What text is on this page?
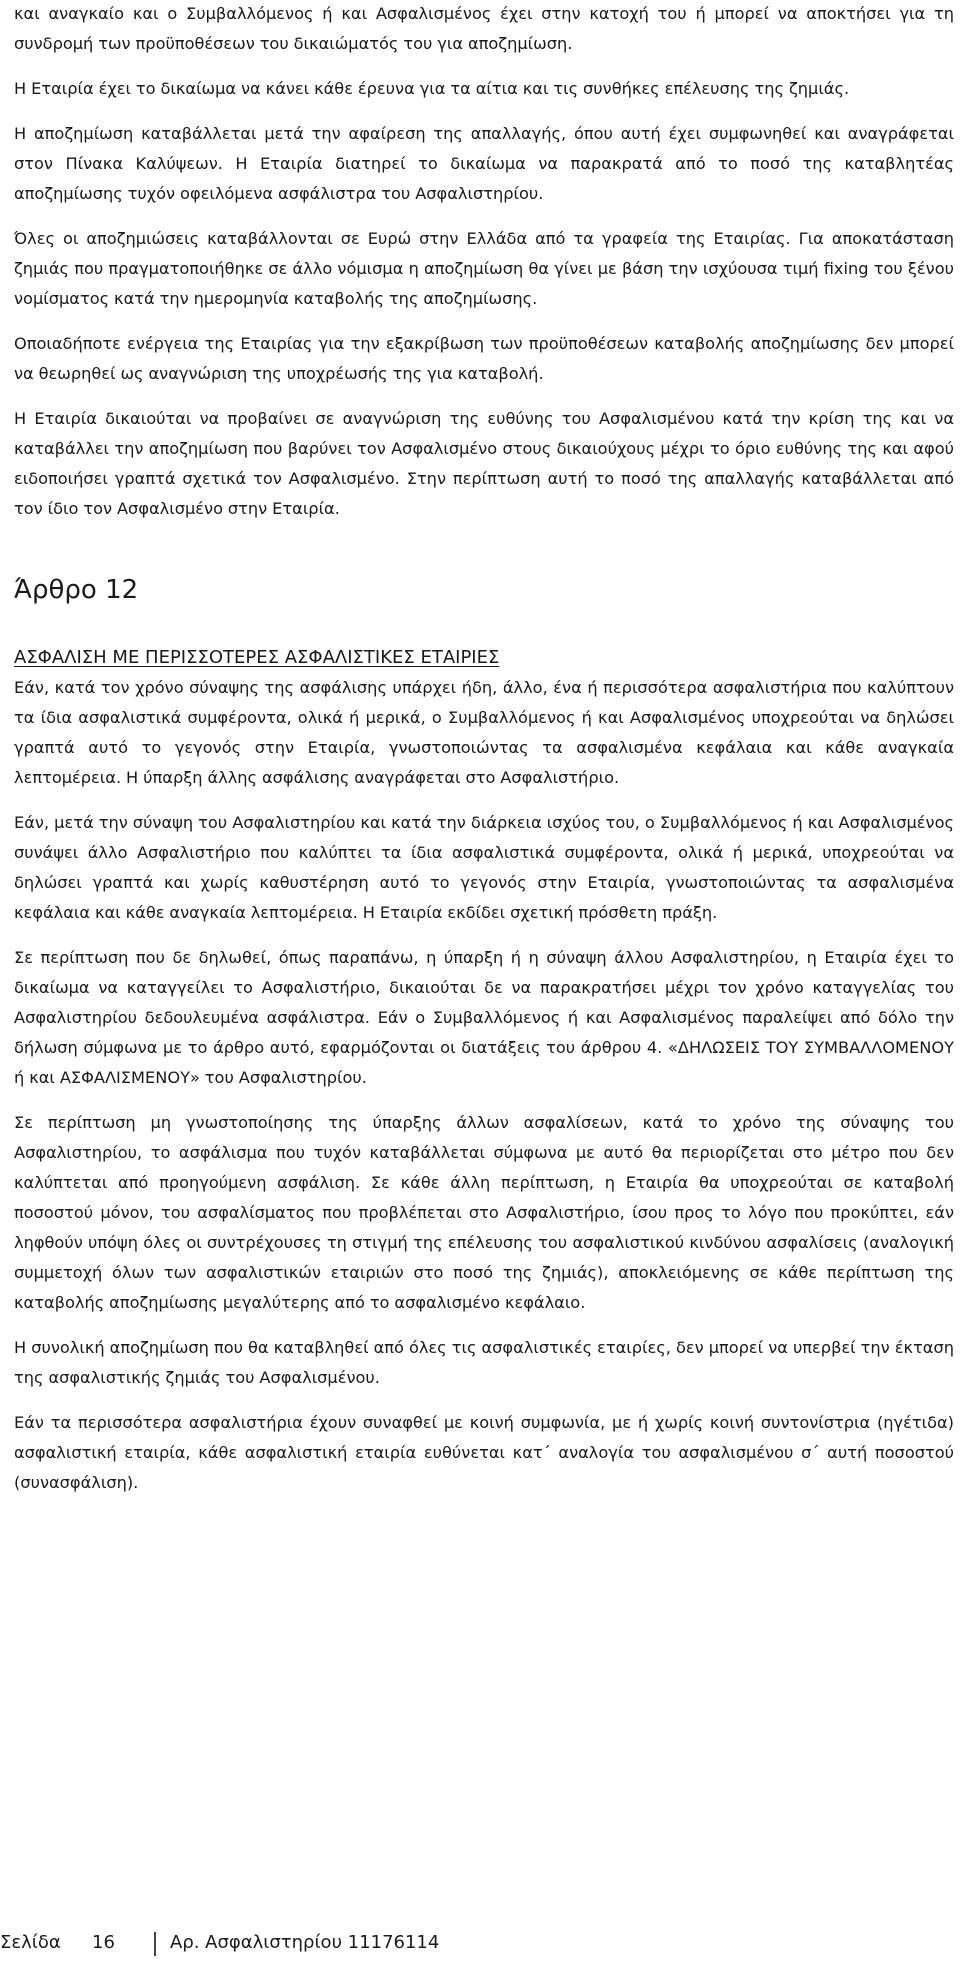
και αναγκαίο και ο Συμβαλλόμενος ή και Ασφαλισμένος έχει στην κατοχή του ή μπορεί να αποκτήσει για τη συνδρομή των προϋποθέσεων του δικαιώματός του για αποζημίωση.

Η Εταιρία έχει το δικαίωμα να κάνει κάθε έρευνα για τα αίτια και τις συνθήκες επέλευσης της ζημιάς.

Η αποζημίωση καταβάλλεται μετά την αφαίρεση της απαλλαγής, όπου αυτή έχει συμφωνηθεί και αναγράφεται στον Πίνακα Καλύψεων. Η Εταιρία διατηρεί το δικαίωμα να παρακρατά από το ποσό της καταβλητέας αποζημίωσης τυχόν οφειλόμενα ασφάλιστρα του Ασφαλιστηρίου.

Όλες οι αποζημιώσεις καταβάλλονται σε Ευρώ στην Ελλάδα από τα γραφεία της Εταιρίας. Για αποκατάσταση ζημιάς που πραγματοποιήθηκε σε άλλο νόμισμα η αποζημίωση θα γίνει με βάση την ισχύουσα τιμή fixing του ξένου νομίσματος κατά την ημερομηνία καταβολής της αποζημίωσης.

Οποιαδήποτε ενέργεια της Εταιρίας για την εξακρίβωση των προϋποθέσεων καταβολής αποζημίωσης δεν μπορεί να θεωρηθεί ως αναγνώριση της υποχρέωσής της για καταβολή.

Η Εταιρία δικαιούται να προβαίνει σε αναγνώριση της ευθύνης του Ασφαλισμένου κατά την κρίση της και να καταβάλλει την αποζημίωση που βαρύνει τον Ασφαλισμένο στους δικαιούχους μέχρι το όριο ευθύνης της και αφού ειδοποιήσει γραπτά σχετικά τον Ασφαλισμένο. Στην περίπτωση αυτή το ποσό της απαλλαγής καταβάλλεται από τον ίδιο τον Ασφαλισμένο στην Εταιρία.

Άρθρο 12
ΑΣΦΑΛΙΣΗ ΜΕ ΠΕΡΙΣΣΟΤΕΡΕΣ ΑΣΦΑΛΙΣΤΙΚΕΣ ΕΤΑΙΡΙΕΣ

Εάν, κατά τον χρόνο σύναψης της ασφάλισης υπάρχει ήδη, άλλο, ένα ή περισσότερα ασφαλιστήρια που καλύπτουν τα ίδια ασφαλιστικά συμφέροντα, ολικά ή μερικά, ο Συμβαλλόμενος ή και Ασφαλισμένος υποχρεούται να δηλώσει γραπτά αυτό το γεγονός στην Εταιρία, γνωστοποιώντας τα ασφαλισμένα κεφάλαια και κάθε αναγκαία λεπτομέρεια. Η ύπαρξη άλλης ασφάλισης αναγράφεται στο Ασφαλιστήριο.

Εάν, μετά την σύναψη του Ασφαλιστηρίου και κατά την διάρκεια ισχύος του, ο Συμβαλλόμενος ή και Ασφαλισμένος συνάψει άλλο Ασφαλιστήριο που καλύπτει τα ίδια ασφαλιστικά συμφέροντα, ολικά ή μερικά, υποχρεούται να δηλώσει γραπτά και χωρίς καθυστέρηση αυτό το γεγονός στην Εταιρία, γνωστοποιώντας τα ασφαλισμένα κεφάλαια και κάθε αναγκαία λεπτομέρεια. Η Εταιρία εκδίδει σχετική πρόσθετη πράξη.

Σε περίπτωση που δε δηλωθεί, όπως παραπάνω, η ύπαρξη ή η σύναψη άλλου Ασφαλιστηρίου, η Εταιρία έχει το δικαίωμα να καταγγείλει το Ασφαλιστήριο, δικαιούται δε να παρακρατήσει μέχρι τον χρόνο καταγγελίας του Ασφαλιστηρίου δεδουλευμένα ασφάλιστρα. Εάν ο Συμβαλλόμενος ή και Ασφαλισμένος παραλείψει από δόλο την δήλωση σύμφωνα με το άρθρο αυτό, εφαρμόζονται οι διατάξεις του άρθρου 4. «ΔΗΛΩΣΕΙΣ ΤΟΥ ΣΥΜΒΑΛΛΟΜΕΝΟΥ ή και ΑΣΦΑΛΙΣΜΕΝΟΥ» του Ασφαλιστηρίου.

Σε περίπτωση μη γνωστοποίησης της ύπαρξης άλλων ασφαλίσεων, κατά το χρόνο της σύναψης του Ασφαλιστηρίου, το ασφάλισμα που τυχόν καταβάλλεται σύμφωνα με αυτό θα περιορίζεται στο μέτρο που δεν καλύπτεται από προηγούμενη ασφάλιση. Σε κάθε άλλη περίπτωση, η Εταιρία θα υποχρεούται σε καταβολή ποσοστού μόνον, του ασφαλίσματος που προβλέπεται στο Ασφαλιστήριο, ίσου προς το λόγο που προκύπτει, εάν ληφθούν υπόψη όλες οι συντρέχουσες τη στιγμή της επέλευσης του ασφαλιστικού κινδύνου ασφαλίσεις (αναλογική συμμετοχή όλων των ασφαλιστικών εταιριών στο ποσό της ζημιάς), αποκλειόμενης σε κάθε περίπτωση της καταβολής αποζημίωσης μεγαλύτερης από το ασφαλισμένο κεφάλαιο.

Η συνολική αποζημίωση που θα καταβληθεί από όλες τις ασφαλιστικές εταιρίες, δεν μπορεί να υπερβεί την έκταση της ασφαλιστικής ζημιάς του Ασφαλισμένου.

Εάν τα περισσότερα ασφαλιστήρια έχουν συναφθεί με κοινή συμφωνία, με ή χωρίς κοινή συντονίστρια (ηγέτιδα) ασφαλιστική εταιρία, κάθε ασφαλιστική εταιρία ευθύνεται κατ΄ αναλογία του ασφαλισμένου σ΄ αυτή ποσοστού (συνασφάλιση).

Σελίδα 16	Αρ. Ασφαλιστηρίου 11176114
